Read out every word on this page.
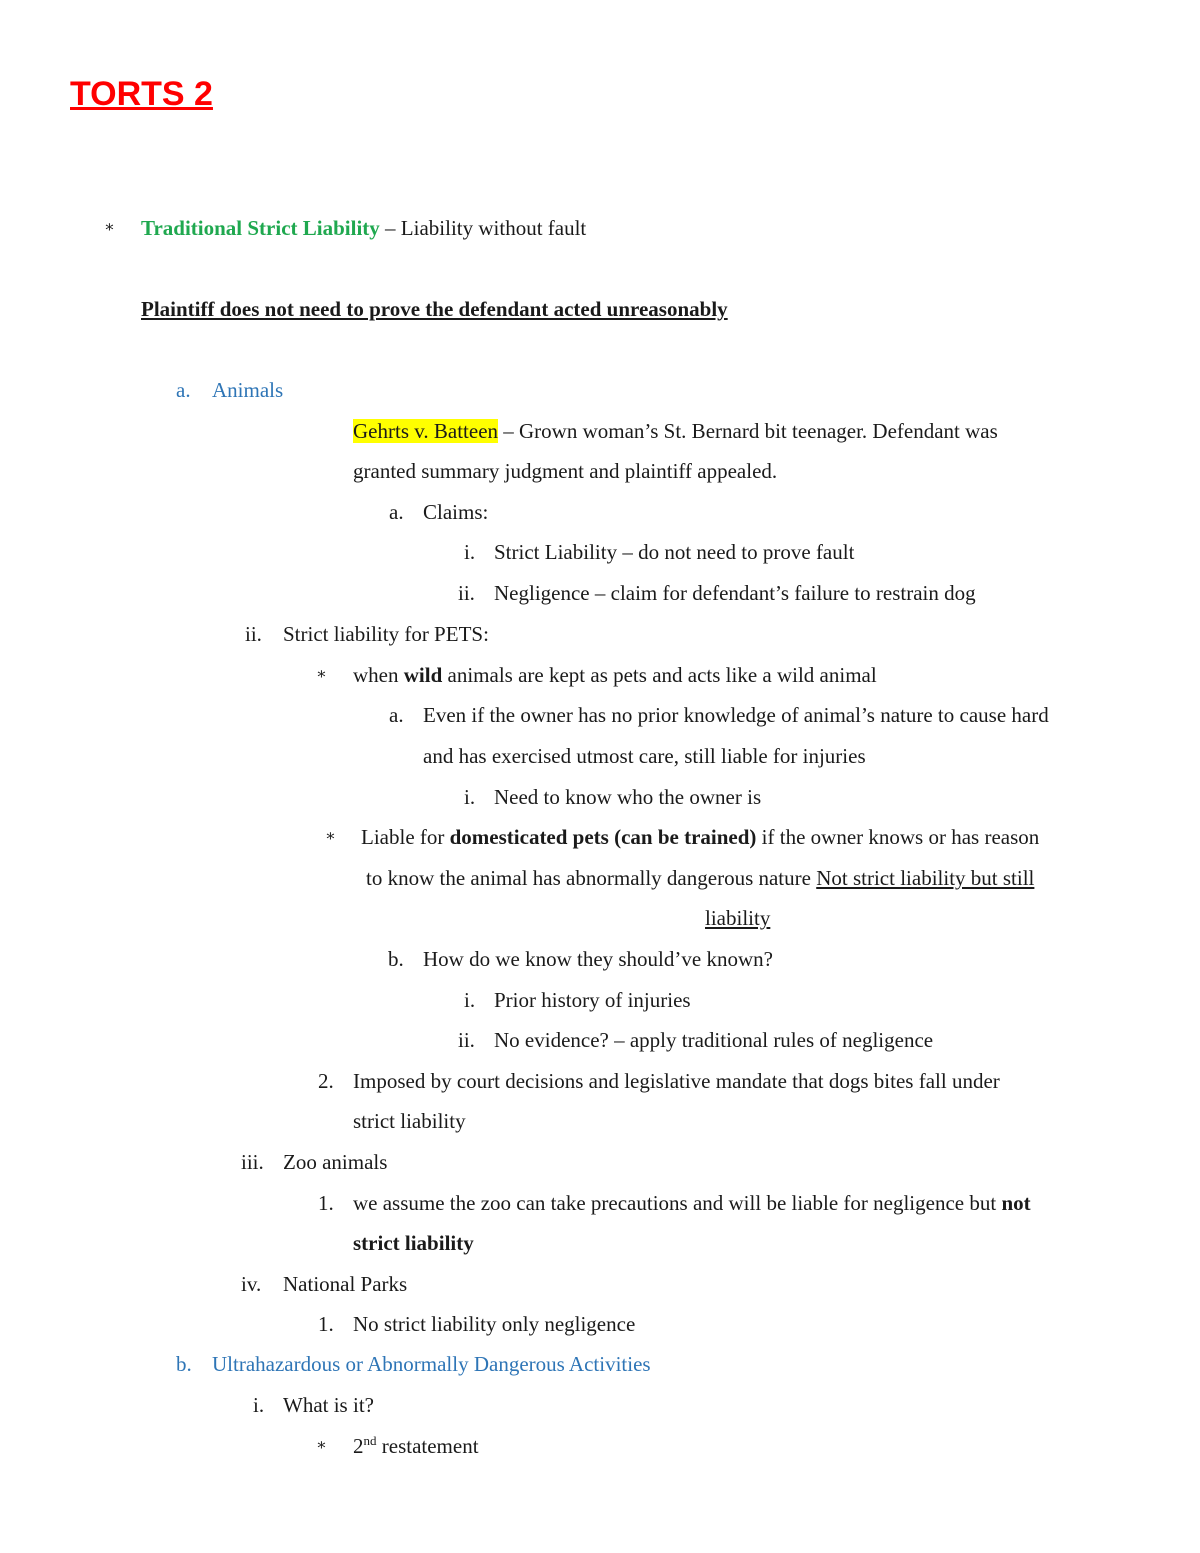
TORTS 2
∗ Traditional Strict Liability – Liability without fault
Plaintiff does not need to prove the defendant acted unreasonably
a. Animals
Gehrts v. Batteen – Grown woman’s St. Bernard bit teenager. Defendant was
granted summary judgment and plaintiff appealed.
a. Claims:
i. Strict Liability – do not need to prove fault
ii. Negligence – claim for defendant’s failure to restrain dog
ii. Strict liability for PETS:
∗ when wild animals are kept as pets and acts like a wild animal
a. Even if the owner has no prior knowledge of animal’s nature to cause hard
and has exercised utmost care, still liable for injuries
i. Need to know who the owner is
∗ Liable for domesticated pets (can be trained) if the owner knows or has reason
to know the animal has abnormally dangerous nature Not strict liability but still
liability
b. How do we know they should’ve known?
i. Prior history of injuries
ii. No evidence? – apply traditional rules of negligence
2. Imposed by court decisions and legislative mandate that dogs bites fall under
strict liability
iii. Zoo animals
1. we assume the zoo can take precautions and will be liable for negligence but not
strict liability
iv. National Parks
1. No strict liability only negligence
b. Ultrahazardous or Abnormally Dangerous Activities
i. What is it?
∗ 2nd restatement
